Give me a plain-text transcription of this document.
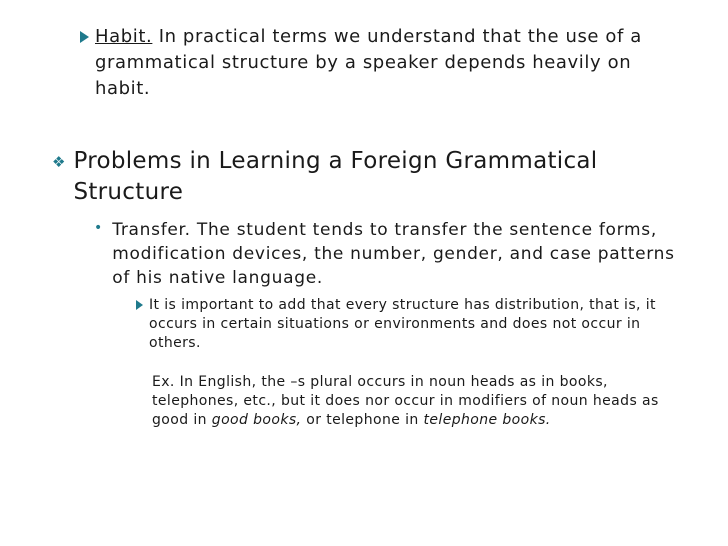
Habit. In practical terms we understand that the use of a grammatical structure by a speaker depends heavily on habit.
❖ Problems in Learning a Foreign Grammatical Structure
• Transfer. The student tends to transfer the sentence forms, modification devices, the number, gender, and case patterns of his native language.
It is important to add that every structure has distribution, that is, it occurs in certain situations or environments and does not occur in others.
Ex. In English, the –s plural occurs in noun heads as in books, telephones, etc., but it does nor occur in modifiers of noun heads as good in good books, or telephone in telephone books.
